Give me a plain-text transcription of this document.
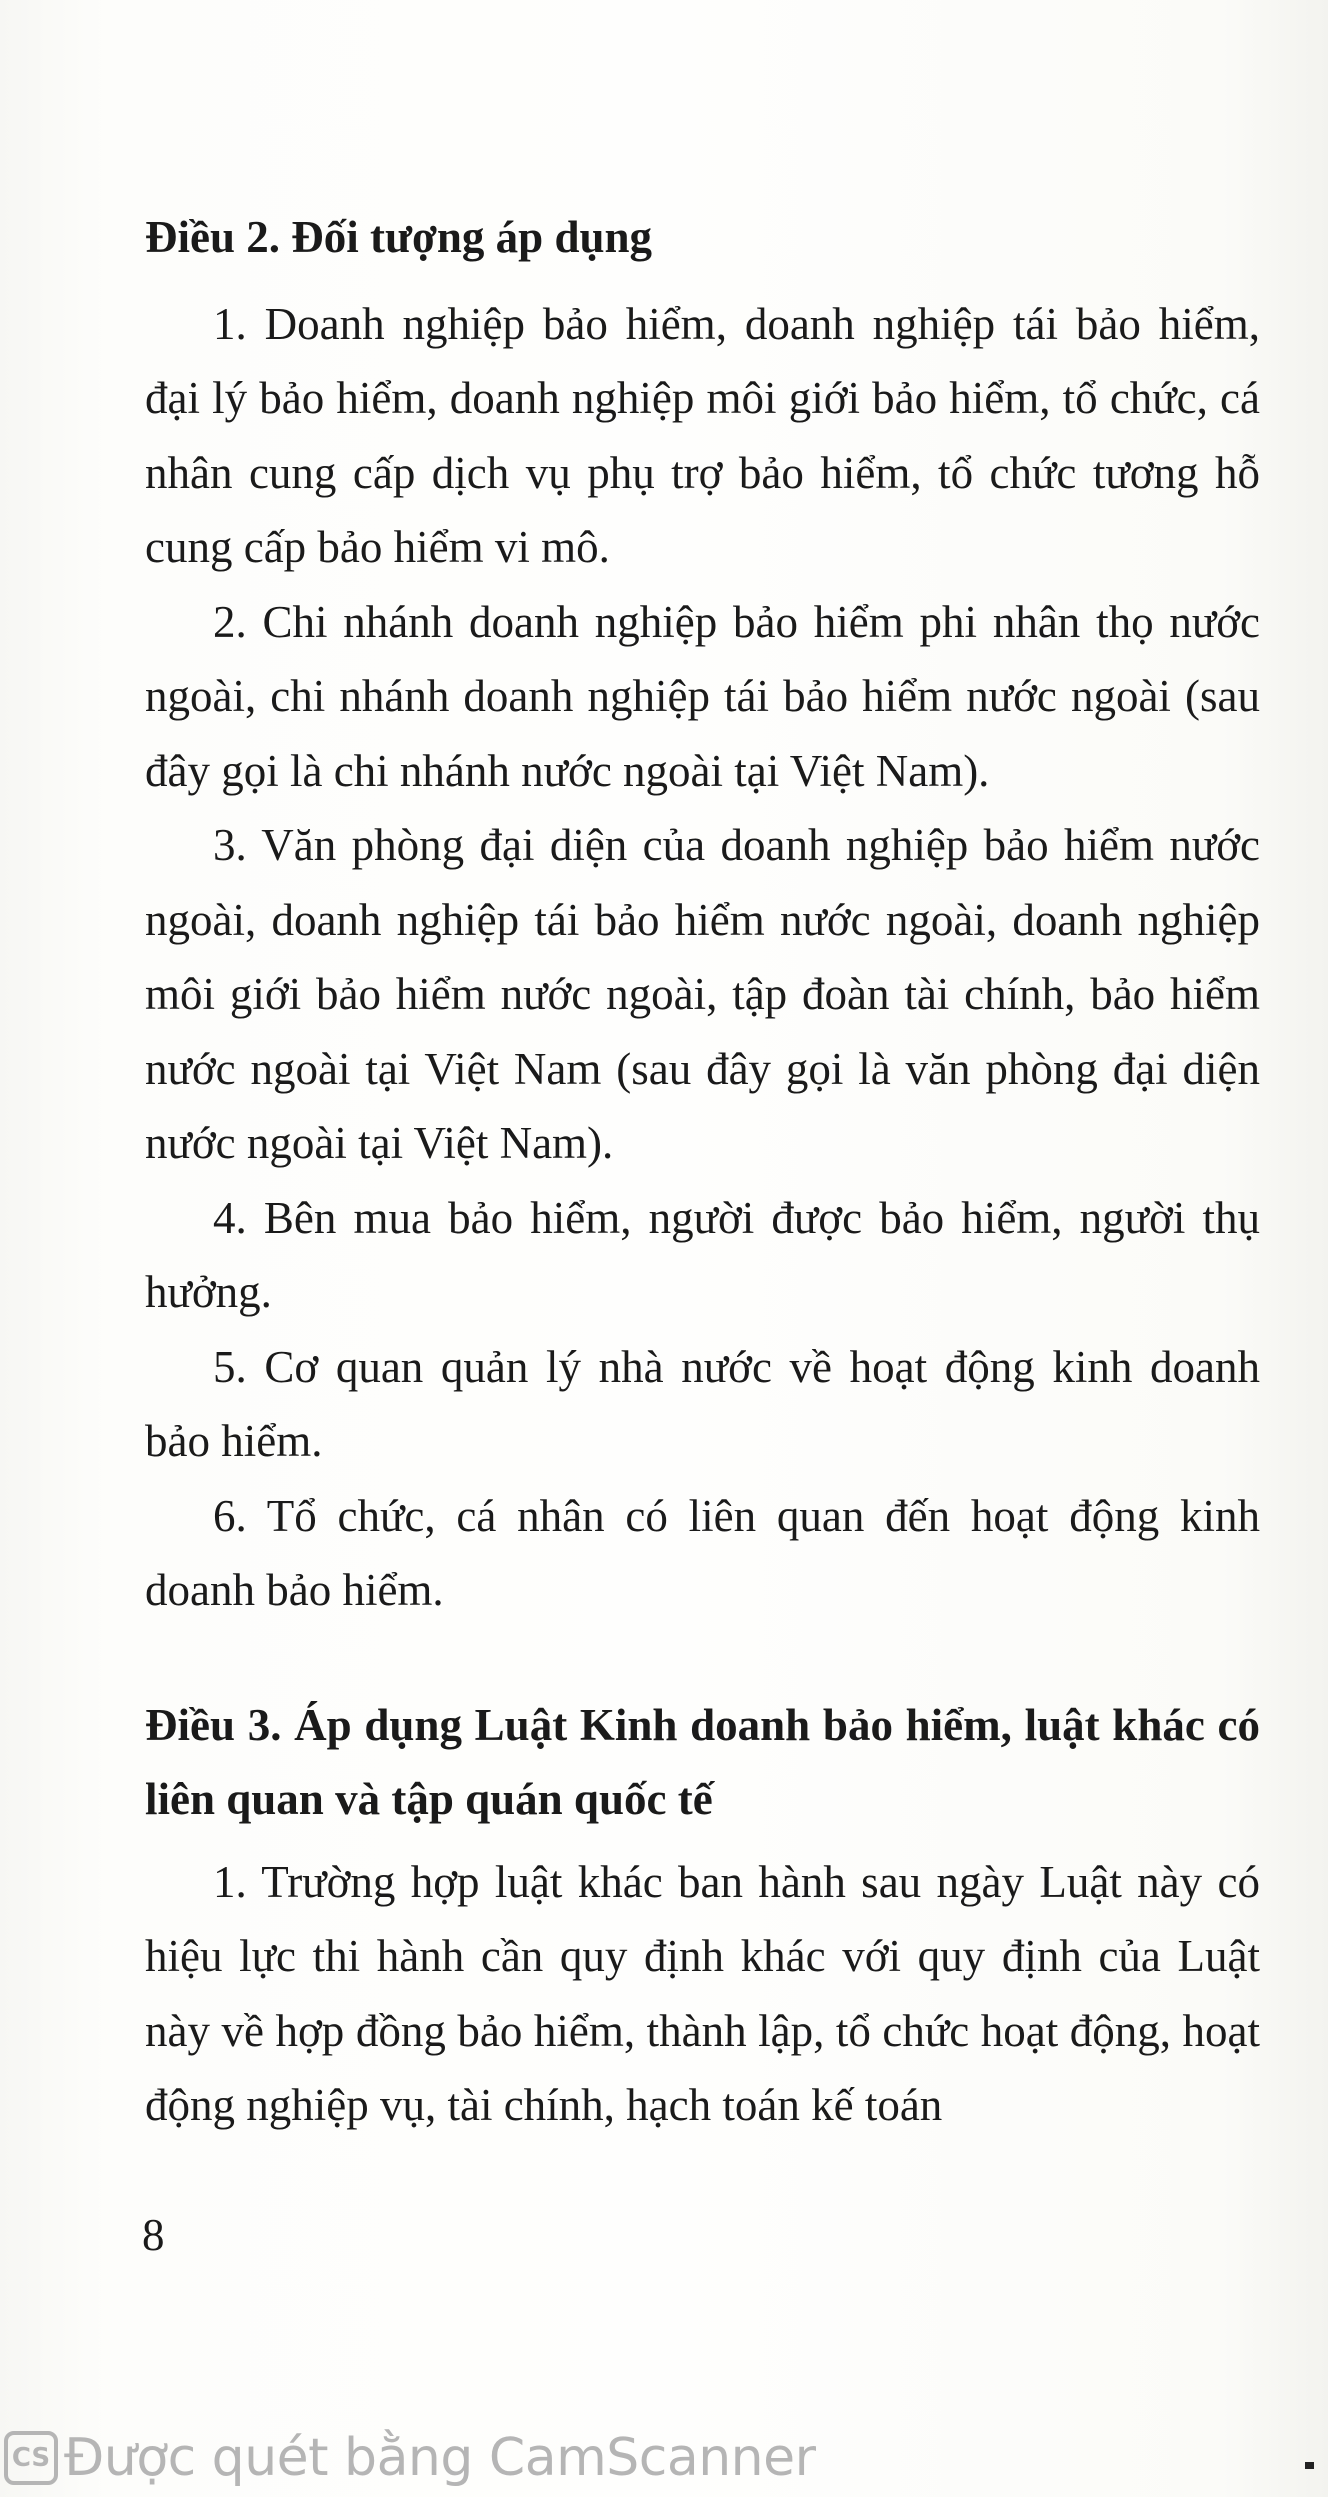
Điều 2. Đối tượng áp dụng

1. Doanh nghiệp bảo hiểm, doanh nghiệp tái bảo hiểm, đại lý bảo hiểm, doanh nghiệp môi giới bảo hiểm, tổ chức, cá nhân cung cấp dịch vụ phụ trợ bảo hiểm, tổ chức tương hỗ cung cấp bảo hiểm vi mô.

2. Chi nhánh doanh nghiệp bảo hiểm phi nhân thọ nước ngoài, chi nhánh doanh nghiệp tái bảo hiểm nước ngoài (sau đây gọi là chi nhánh nước ngoài tại Việt Nam).

3. Văn phòng đại diện của doanh nghiệp bảo hiểm nước ngoài, doanh nghiệp tái bảo hiểm nước ngoài, doanh nghiệp môi giới bảo hiểm nước ngoài, tập đoàn tài chính, bảo hiểm nước ngoài tại Việt Nam (sau đây gọi là văn phòng đại diện nước ngoài tại Việt Nam).

4. Bên mua bảo hiểm, người được bảo hiểm, người thụ hưởng.

5. Cơ quan quản lý nhà nước về hoạt động kinh doanh bảo hiểm.

6. Tổ chức, cá nhân có liên quan đến hoạt động kinh doanh bảo hiểm.

Điều 3. Áp dụng Luật Kinh doanh bảo hiểm, luật khác có liên quan và tập quán quốc tế

1. Trường hợp luật khác ban hành sau ngày Luật này có hiệu lực thi hành cần quy định khác với quy định của Luật này về hợp đồng bảo hiểm, thành lập, tổ chức hoạt động, hoạt động nghiệp vụ, tài chính, hạch toán kế toán

8
CS Được quét bằng CamScanner
